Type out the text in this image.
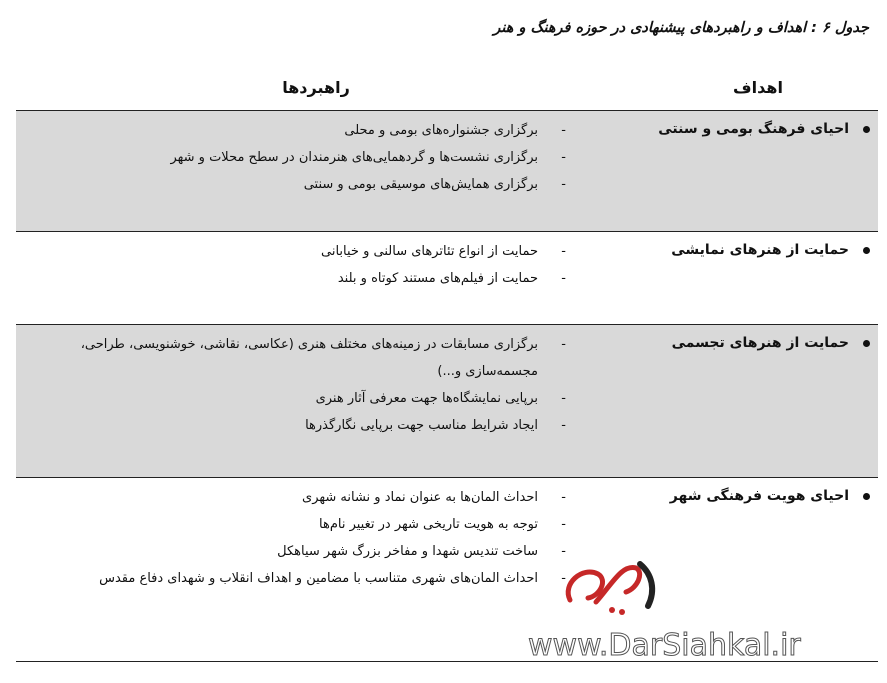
جدول ۶ : اهداف و راهبردهای پیشنهادی در حوزه فرهنگ و هنر
اهداف
راهبردها
احیای فرهنگ بومی و سنتی
-
برگزاری جشنواره‌های بومی و محلی
-
برگزاری نشست‌ها و گردهمایی‌های هنرمندان در سطح محلات و شهر
-
برگزاری همایش‌های موسیقی بومی و سنتی
حمایت از هنرهای نمایشی
-
حمایت از انواع تئاترهای سالنی و خیابانی
-
حمایت از فیلم‌های مستند کوتاه و بلند
حمایت از هنرهای تجسمی
-
برگزاری مسابقات در زمینه‌های مختلف هنری (عکاسی، نقاشی، خوشنویسی، طراحی، مجسمه‌سازی و...)
-
برپایی نمایشگاه‌ها جهت معرفی آثار هنری
-
ایجاد شرایط مناسب جهت برپایی نگارگذرها
احیای هویت فرهنگی شهر
-
احداث المان‌ها به عنوان نماد و نشانه شهری
-
توجه به هویت تاریخی شهر در تغییر نام‌ها
-
ساخت تندیس شهدا و مفاخر بزرگ شهر سیاهکل
-
احداث المان‌های شهری متناسب با مضامین و اهداف انقلاب و شهدای دفاع مقدس
www.DarSiahkal.ir
